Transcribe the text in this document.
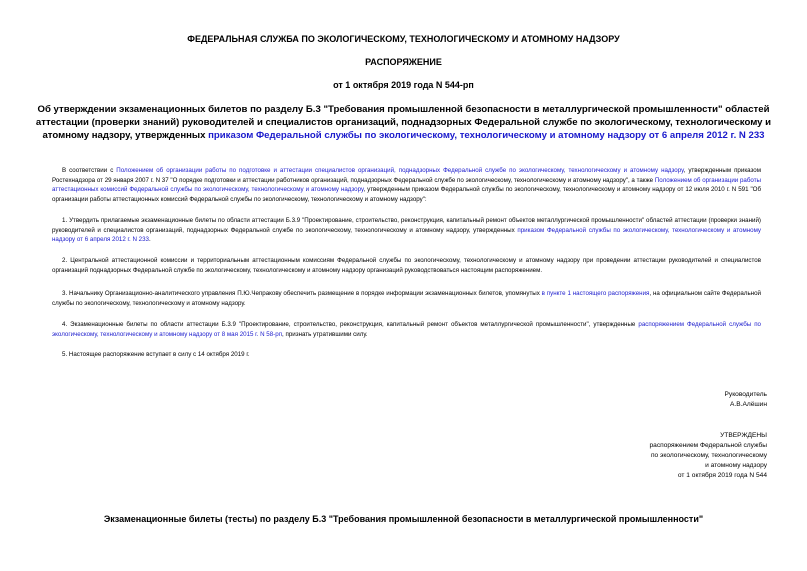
ФЕДЕРАЛЬНАЯ СЛУЖБА ПО ЭКОЛОГИЧЕСКОМУ, ТЕХНОЛОГИЧЕСКОМУ И АТОМНОМУ НАДЗОРУ
РАСПОРЯЖЕНИЕ
от 1 октября 2019 года N 544-рп
Об утверждении экзаменационных билетов по разделу Б.3 "Требования промышленной безопасности в металлургической промышленности" областей аттестации (проверки знаний) руководителей и специалистов организаций, поднадзорных Федеральной службе по экологическому, технологическому и атомному надзору, утвержденных приказом Федеральной службы по экологическому, технологическому и атомному надзору от 6 апреля 2012 г. N 233
В соответствии с Положением об организации работы по подготовке и аттестации специалистов организаций, поднадзорных Федеральной службе по экологическому, технологическому и атомному надзору, утвержденным приказом Ростехнадзора от 29 января 2007 г. N 37 "О порядке подготовки и аттестации работников организаций, поднадзорных Федеральной службе по экологическому, технологическому и атомному надзору", а также Положением об организации работы аттестационных комиссий Федеральной службы по экологическому, технологическому и атомному надзору, утвержденным приказом Федеральной службы по экологическому, технологическому и атомному надзору от 12 июля 2010 г. N 591 "Об организации работы аттестационных комиссий Федеральной службы по экологическому, технологическому и атомному надзору":
1. Утвердить прилагаемые экзаменационные билеты по области аттестации Б.3.9 "Проектирование, строительство, реконструкция, капитальный ремонт объектов металлургической промышленности" областей аттестации (проверки знаний) руководителей и специалистов организаций, поднадзорных Федеральной службе по экологическому, технологическому и атомному надзору, утвержденных приказом Федеральной службы по экологическому, технологическому и атомному надзору от 6 апреля 2012 г. N 233.
2. Центральной аттестационной комиссии и территориальным аттестационным комиссиям Федеральной службы по экологическому, технологическому и атомному надзору при проведении аттестации руководителей и специалистов организаций поднадзорных Федеральной службе по экологическому, технологическому и атомному надзору организаций руководствоваться настоящим распоряжением.
3. Начальнику Организационно-аналитического управления П.Ю.Чепракову обеспечить размещение в порядке информации экзаменационных билетов, упомянутых в пункте 1 настоящего распоряжения, на официальном сайте Федеральной службы по экологическому, технологическому и атомному надзору.
4. Экзаменационные билеты по области аттестации Б.3.9 "Проектирование, строительство, реконструкция, капитальный ремонт объектов металлургической промышленности", утвержденные распоряжением Федеральной службы по экологическому, технологическому и атомному надзору от 8 мая 2015 г. N 58-рп, признать утратившими силу.
5. Настоящее распоряжение вступает в силу с 14 октября 2019 г.
Руководитель
А.В.Алёшин
УТВЕРЖДЕНЫ
распоряжением Федеральной службы
по экологическому, технологическому
и атомному надзору
от 1 октября 2019 года N 544
Экзаменационные билеты (тесты) по разделу Б.3 "Требования промышленной безопасности в металлургической промышленности"
